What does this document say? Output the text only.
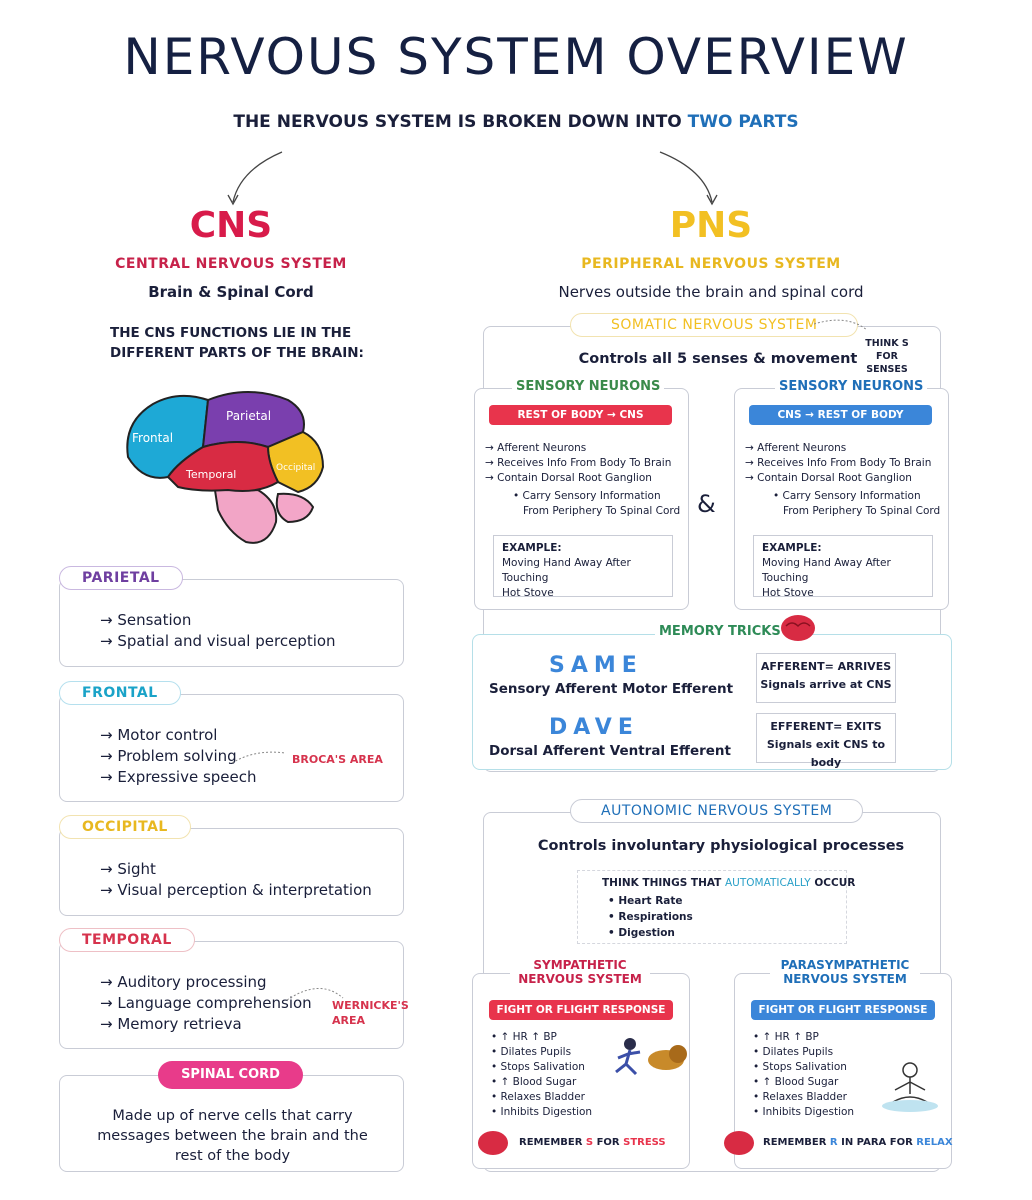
NERVOUS SYSTEM OVERVIEW
THE NERVOUS SYSTEM IS BROKEN DOWN INTO TWO PARTS
CNS
CENTRAL NERVOUS SYSTEM
Brain & Spinal Cord
THE CNS FUNCTIONS LIE IN THE
DIFFERENT PARTS OF THE BRAIN:
Frontal
Parietal
Temporal	Occipital
→ Sensation
→ Spatial and visual perception
PARIETAL
→ Motor control
→ Problem solving
→ Expressive speech
BROCA'S AREA
FRONTAL
→ Sight
→ Visual perception & interpretation
OCCIPITAL
→ Auditory processing
→ Language comprehension
→ Memory retrieva
WERNICKE'S
AREA
TEMPORAL
Made up of nerve cells that carry messages between the brain and the rest of the body
SPINAL CORD
PNS
PERIPHERAL NERVOUS SYSTEM
Nerves outside the brain and spinal cord
SOMATIC NERVOUS SYSTEM
THINK S FOR
SENSES
Controls all 5 senses & movement
REST OF BODY → CNS
→ Afferent Neurons
→ Receives Info From Body To Brain
→ Contain Dorsal Root Ganglion
• Carry Sensory Information
From Periphery To Spinal Cord
EXAMPLE:
Moving Hand Away After Touching
Hot Stove
SENSORY NEURONS
&
CNS → REST OF BODY
→ Afferent Neurons
→ Receives Info From Body To Brain
→ Contain Dorsal Root Ganglion
• Carry Sensory Information
From Periphery To Spinal Cord
EXAMPLE:
Moving Hand Away After Touching
Hot Stove
SENSORY NEURONS
SAME
Sensory Afferent Motor Efferent
DAVE
Dorsal Afferent Ventral Efferent
AFFERENT= ARRIVES
Signals arrive at CNS
EFFERENT= EXITS
Signals exit CNS to body
MEMORY TRICKS
AUTONOMIC NERVOUS SYSTEM
Controls involuntary physiological processes
THINK THINGS THAT AUTOMATICALLY OCCUR
• Heart Rate
• Respirations
• Digestion
FIGHT OR FLIGHT RESPONSE
• ↑ HR ↑ BP
• Dilates Pupils
• Stops Salivation
• ↑ Blood Sugar
• Relaxes Bladder
• Inhibits Digestion
REMEMBER S FOR STRESS
SYMPATHETIC
NERVOUS SYSTEM
FIGHT OR FLIGHT RESPONSE
• ↑ HR ↑ BP
• Dilates Pupils
• Stops Salivation
• ↑ Blood Sugar
• Relaxes Bladder
• Inhibits Digestion
REMEMBER R IN PARA FOR RELAX
PARASYMPATHETIC
NERVOUS SYSTEM
